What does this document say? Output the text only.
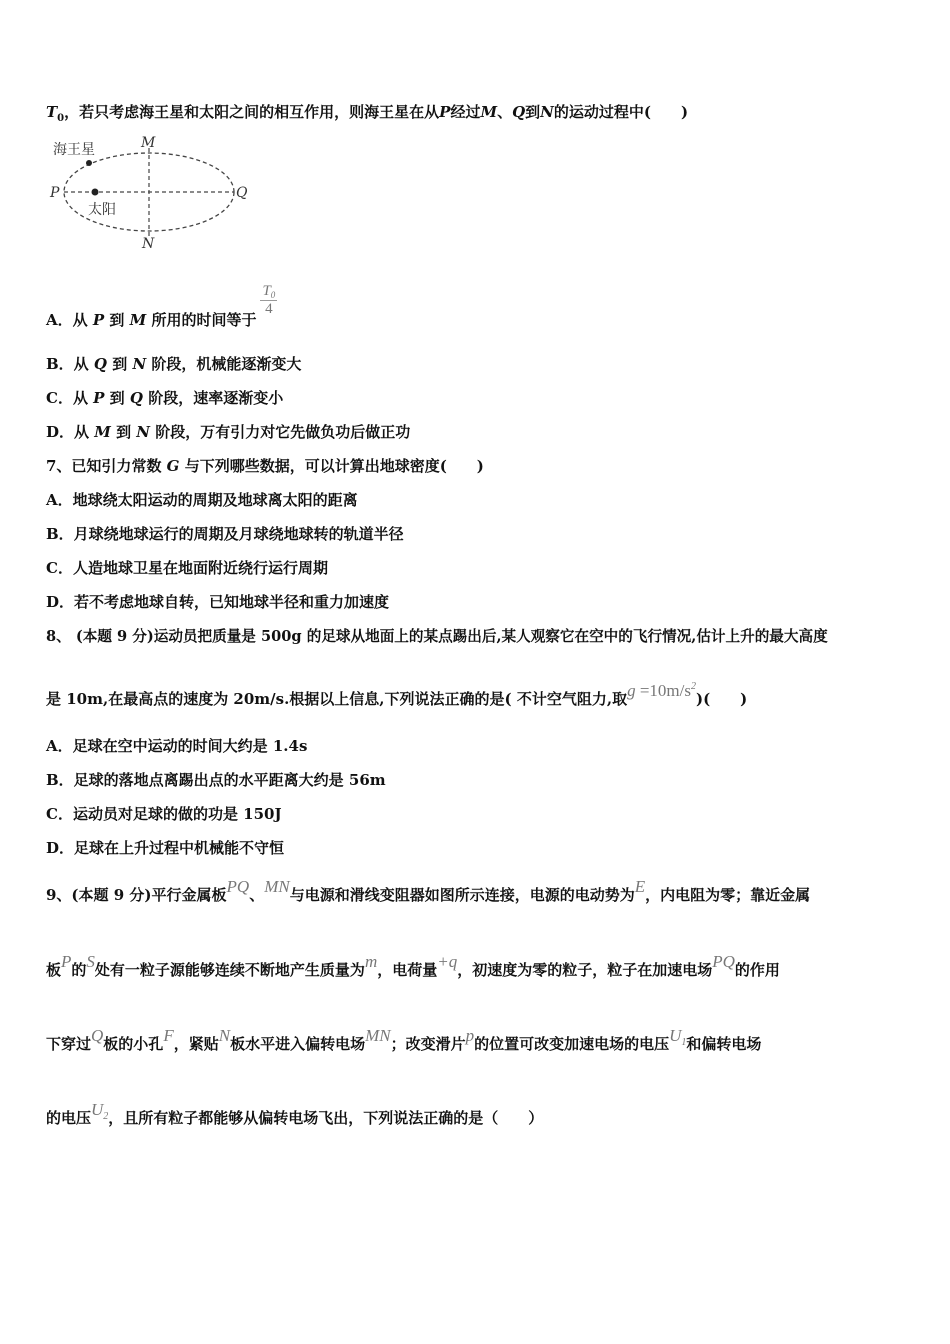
$T_0$，若只考虑海王星和太阳之间的相互作用，则海王星在从P经过M、Q到N的运动过程中(　　)
海王星
太阳
M
N
P	Q
A．从 P 到 M 所用的时间等于
$\frac{T_0}{4}$
B．从 Q 到 N 阶段，机械能逐渐变大
C．从 P 到 Q 阶段，速率逐渐变小
D．从 M 到 N 阶段，万有引力对它先做负功后做正功
7、已知引力常数 G 与下列哪些数据，可以计算出地球密度(　　)
A．地球绕太阳运动的周期及地球离太阳的距离
B．月球绕地球运行的周期及月球绕地球转的轨道半径
C．人造地球卫星在地面附近绕行运行周期
D．若不考虑地球自转，已知地球半径和重力加速度
8、 (本题 9 分)运动员把质量是 500g 的足球从地面上的某点踢出后,某人观察它在空中的飞行情况,估计上升的最大高度
是 10m,在最高点的速度为 20m/s.根据以上信息,下列说法正确的是( 不计空气阻力,取$g =10m/s^2$)(　　)
A．足球在空中运动的时间大约是 1.4s
B．足球的落地点离踢出点的水平距离大约是 56m
C．运动员对足球的做的功是 150J
D．足球在上升过程中机械能不守恒
9、(本题 9 分)平行金属板PQ、MN与电源和滑线变阻器如图所示连接，电源的电动势为E，内电阻为零；靠近金属
板P的S处有一粒子源能够连续不断地产生质量为m，电荷量+q，初速度为零的粒子，粒子在加速电场PQ的作用
下穿过Q板的小孔F，紧贴N板水平进入偏转电场MN；改变滑片p的位置可改变加速电场的电压$U_1$和偏转电场
的电压$U_2$，且所有粒子都能够从偏转电场飞出，下列说法正确的是（　　）
